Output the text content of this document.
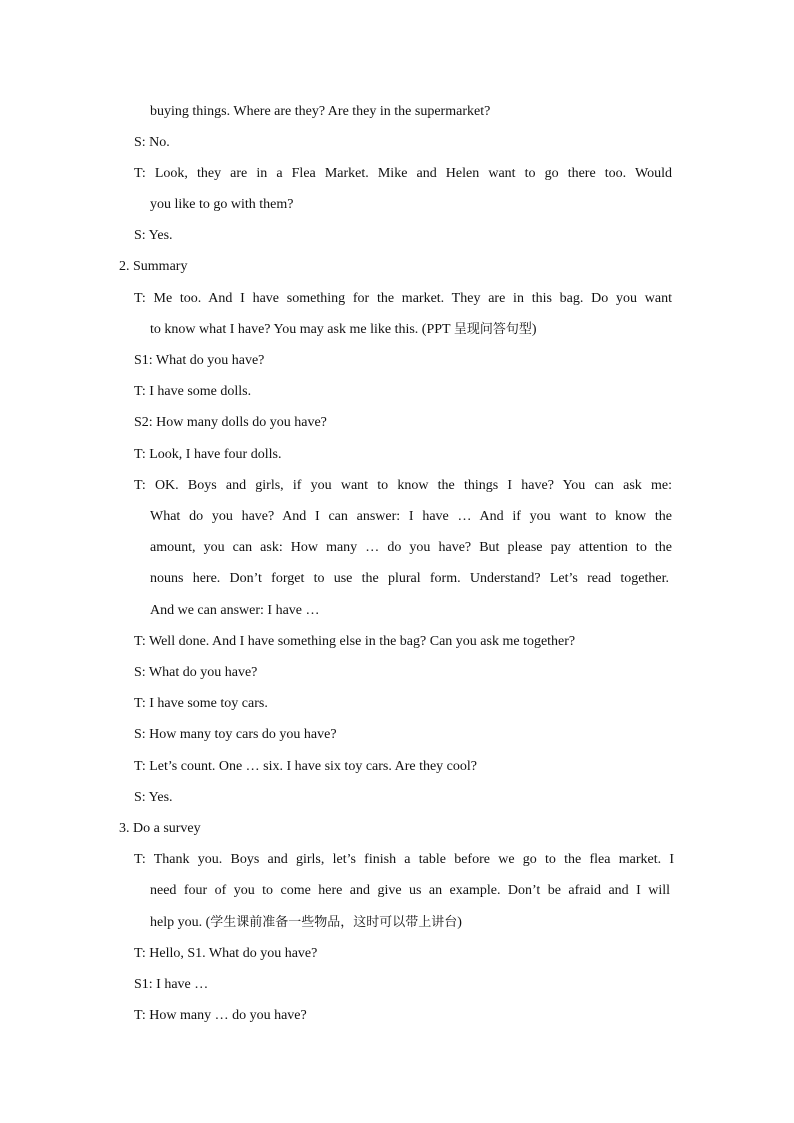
buying things. Where are they? Are they in the supermarket?
S: No.
T: Look, they are in a Flea Market. Mike and Helen want to go there too. Would
you like to go with them?
S: Yes.
2. Summary
T: Me too. And I have something for the market. They are in this bag. Do you want
to know what I have? You may ask me like this. (PPT 呈现问答句型)
S1: What do you have?
T: I have some dolls.
S2: How many dolls do you have?
T: Look, I have four dolls.
T: OK. Boys and girls, if you want to know the things I have? You can ask me:
What do you have? And I can answer: I have … And if you want to know the
amount, you can ask: How many … do you have? But please pay attention to the
nouns here. Don’t forget to use the plural form. Understand? Let’s read together.
And we can answer: I have …
T: Well done. And I have something else in the bag? Can you ask me together?
S: What do you have?
T: I have some toy cars.
S: How many toy cars do you have?
T: Let’s count. One … six. I have six toy cars. Are they cool?
S: Yes.
3. Do a survey
T: Thank you. Boys and girls, let’s finish a table before we go to the flea market. I
need four of you to come here and give us an example. Don’t be afraid and I will
help you. (学生课前准备一些物品，这时可以带上讲台)
T: Hello, S1. What do you have?
S1: I have …
T: How many … do you have?
